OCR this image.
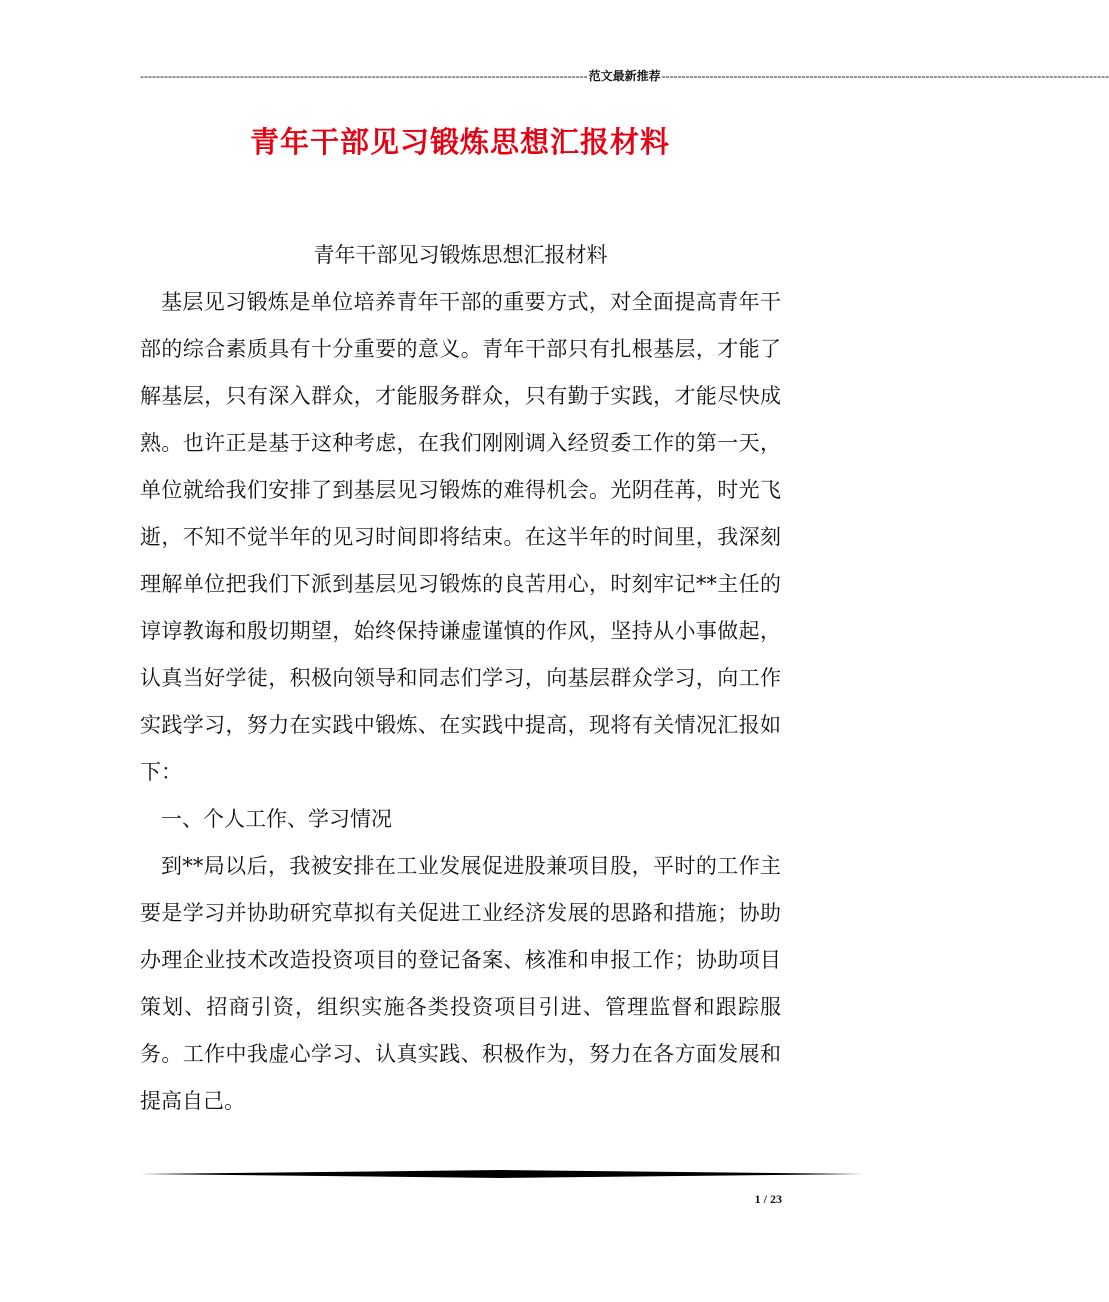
---------------------------------------------------------------------------------------------------------------- 范文最新推荐 ----------------------------------------------------------------------------------------------------------------
青年干部见习锻炼思想汇报材料
青年干部见习锻炼思想汇报材料

基层见习锻炼是单位培养青年干部的重要方式，对全面提高青年干部的综合素质具有十分重要的意义。青年干部只有扎根基层，才能了解基层，只有深入群众，才能服务群众，只有勤于实践，才能尽快成熟。也许正是基于这种考虑，在我们刚刚调入经贸委工作的第一天，单位就给我们安排了到基层见习锻炼的难得机会。光阴荏苒，时光飞逝，不知不觉半年的见习时间即将结束。在这半年的时间里，我深刻理解单位把我们下派到基层见习锻炼的良苦用心，时刻牢记**主任的谆谆教诲和殷切期望，始终保持谦虚谨慎的作风，坚持从小事做起，认真当好学徒，积极向领导和同志们学习，向基层群众学习，向工作实践学习，努力在实践中锻炼、在实践中提高，现将有关情况汇报如下：

一、个人工作、学习情况

到**局以后，我被安排在工业发展促进股兼项目股，平时的工作主要是学习并协助研究草拟有关促进工业经济发展的思路和措施；协助办理企业技术改造投资项目的登记备案、核准和申报工作；协助项目策划、招商引资，组织实施各类投资项目引进、管理监督和跟踪服务。工作中我虚心学习、认真实践、积极作为，努力在各方面发展和提高自己。

1 / 23
